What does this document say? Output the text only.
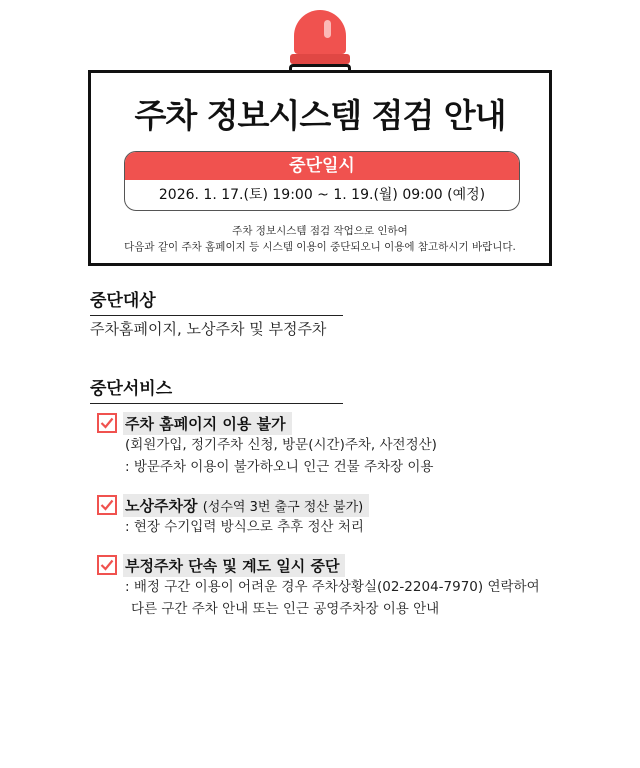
주차 정보시스템 점검 안내
중단일시
2026. 1. 17.(토) 19:00 ~ 1. 19.(월) 09:00 (예정)
주차 정보시스템 점검 작업으로 인하여
다음과 같이 주차 홈페이지 등 시스템 이용이 중단되오니 이용에 참고하시기 바랍니다.
중단대상
주차홈페이지, 노상주차 및 부정주차
중단서비스
주차 홈페이지 이용 불가
(회원가입, 정기주차 신청, 방문(시간)주차, 사전정산)
: 방문주차 이용이 불가하오니 인근 건물 주차장 이용
노상주차장 (성수역 3번 출구 정산 불가)
: 현장 수기입력 방식으로 추후 정산 처리
부정주차 단속 및 계도 일시 중단
: 배정 구간 이용이 어려운 경우 주차상황실(02-2204-7970) 연락하여
다른 구간 주차 안내 또는 인근 공영주차장 이용 안내
